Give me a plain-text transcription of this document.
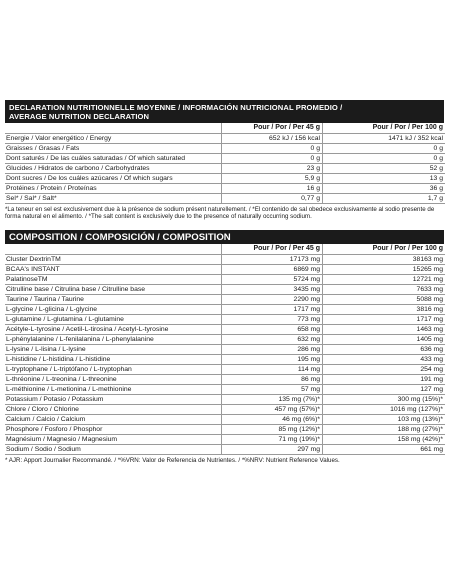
DECLARATION NUTRITIONNELLE MOYENNE / INFORMACIÓN NUTRICIONAL PROMEDIO /
AVERAGE NUTRITION DECLARATION
	Pour / Por / Per 45 g	Pour / Por / Per 100 g
Energie / Valor energético / Energy	652 kJ / 156 kcal	1471 kJ / 352 kcal
Graisses / Grasas / Fats	0 g	0 g
Dont saturés / De las cuáles saturadas / Of which saturated	0 g	0 g
Glucides / Hidratos de carbono / Carbohydrates	23 g	52 g
Dont sucres / De los cuáles azúcares / Of which sugars	5,9 g	13 g
Protéines / Protein / Proteínas	16 g	36 g
Sel* / Sal* / Salt*	0,77 g	1,7 g
*La teneur en sel est exclusivement due à la présence de sodium présent naturellement. / *El contenido de sal obedece exclusivamente al sodio presente de forma natural en el alimento. / *The salt content is exclusively due to the presence of naturally occurring sodium.
COMPOSITION / COMPOSICIÓN / COMPOSITION
	Pour / Por / Per 45 g	Pour / Por / Per 100 g
Cluster DextrinTM	17173 mg	38163 mg
BCAA's INSTANT	6869 mg	15265 mg
PalatinoseTM	5724 mg	12721 mg
Citrulline base / Citrulina base / Citrulline base	3435 mg	7633 mg
Taurine / Taurina / Taurine	2290 mg	5088 mg
L-glycine / L-glicina / L-glycine	1717 mg	3816 mg
L-glutamine / L-glutamina / L-glutamine	773 mg	1717 mg
Acétyle-L-tyrosine / Acetil-L-tirosina / Acetyl-L-tyrosine	658 mg	1463 mg
L-phénylalanine / L-fenilalanina / L-phenylalanine	632 mg	1405 mg
L-lysine / L-lisina / L-lysine	286 mg	636 mg
L-histidine / L-histidina / L-histidine	195 mg	433 mg
L-tryptophane / L-triptófano / L-tryptophan	114 mg	254 mg
L-thréonine / L-treonina / L-threonine	86 mg	191 mg
L-méthionine / L-metionina / L-methionine	57 mg	127 mg
Potassium / Potasio / Potassium	135 mg (7%)*	300 mg (15%)*
Chlore / Cloro / Chlorine	457 mg (57%)*	1016 mg (127%)*
Calcium / Calcio / Calcium	46 mg (6%)*	103 mg (13%)*
Phosphore / Fosforo / Phosphor	85 mg (12%)*	188 mg (27%)*
Magnésium / Magnesio / Magnesium	71 mg (19%)*	158 mg (42%)*
Sodium / Sodio / Sodium	297 mg	661 mg
* AJR: Apport Journalier Recommandé. / *%VRN: Valor de Referencia de Nutrientes. / *%NRV: Nutrient Reference Values.
